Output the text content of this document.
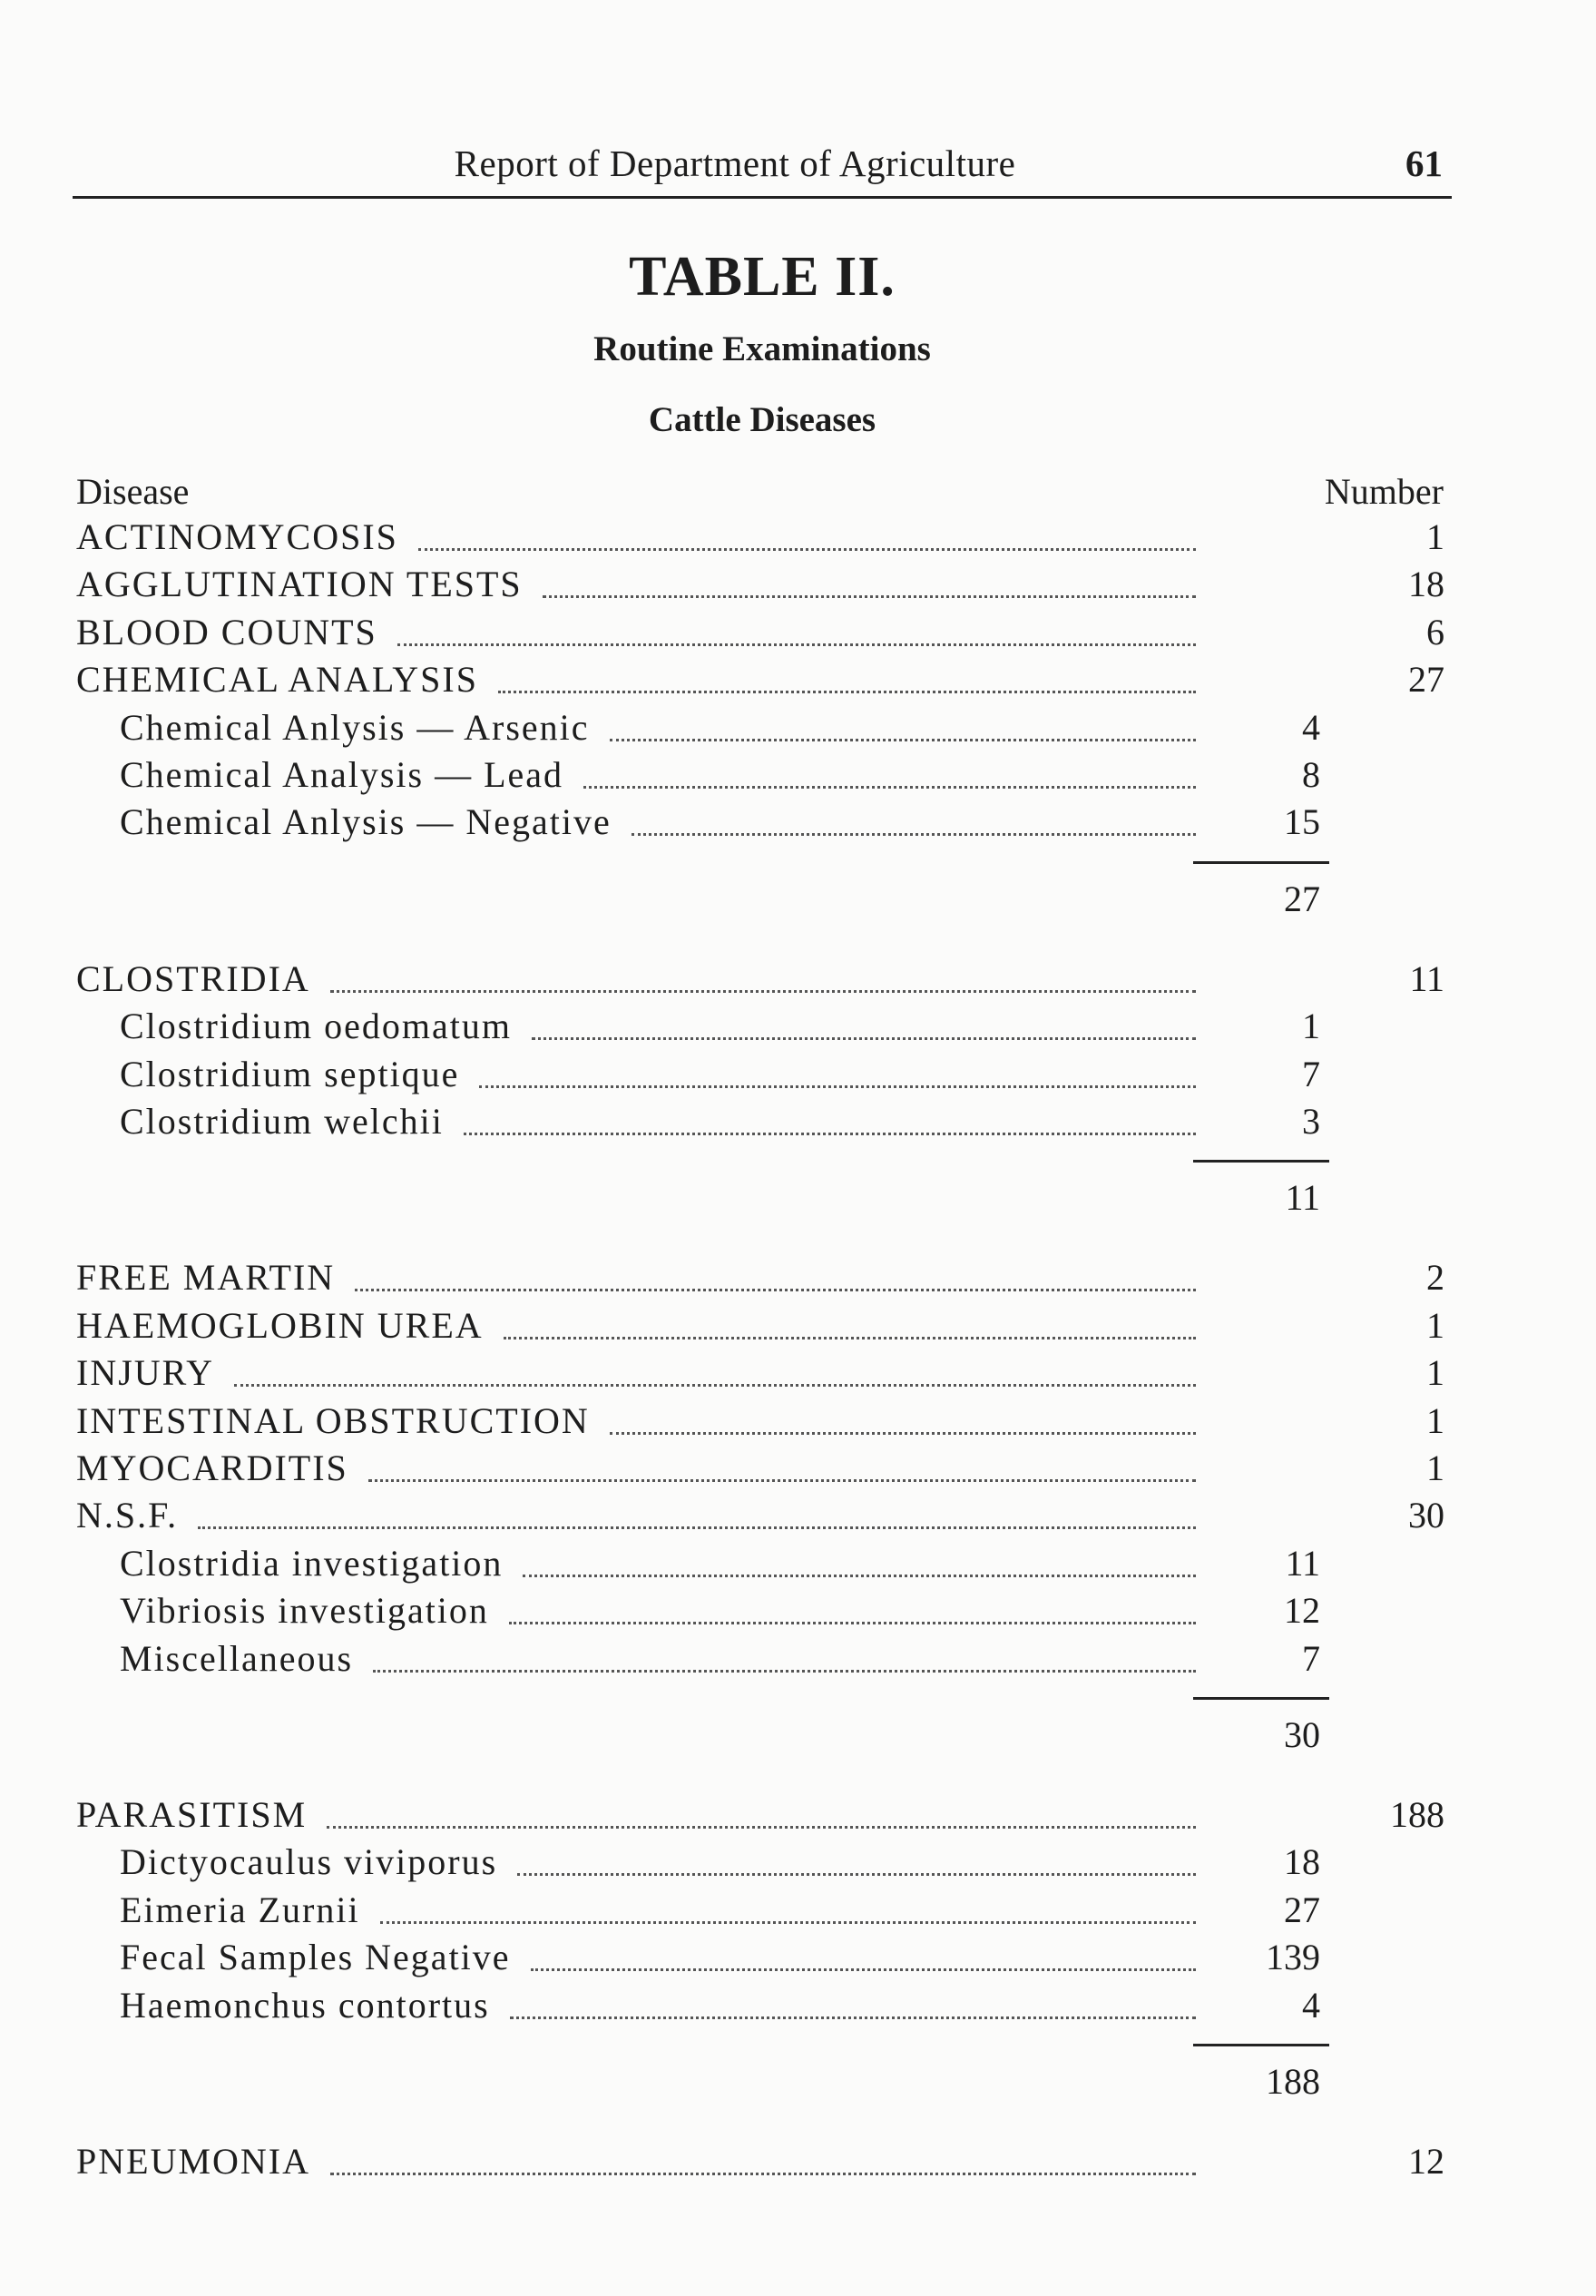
Report of Department of Agriculture	61
TABLE II.
Routine Examinations
Cattle Diseases
Disease	Number
ACTINOMYCOSIS	1
AGGLUTINATION TESTS	18
BLOOD COUNTS	6
CHEMICAL ANALYSIS	27
Chemical Anlysis — Arsenic	4
Chemical Analysis — Lead	8
Chemical Anlysis — Negative	15
27
CLOSTRIDIA	11
Clostridium oedomatum	1
Clostridium septique	7
Clostridium welchii	3
11
FREE MARTIN	2
HAEMOGLOBIN UREA	1
INJURY	1
INTESTINAL OBSTRUCTION	1
MYOCARDITIS	1
N.S.F.	30
Clostridia investigation	11
Vibriosis investigation	12
Miscellaneous	7
30
PARASITISM	188
Dictyocaulus viviporus	18
Eimeria Zurnii	27
Fecal Samples Negative	139
Haemonchus contortus	4
188
PNEUMONIA	12
